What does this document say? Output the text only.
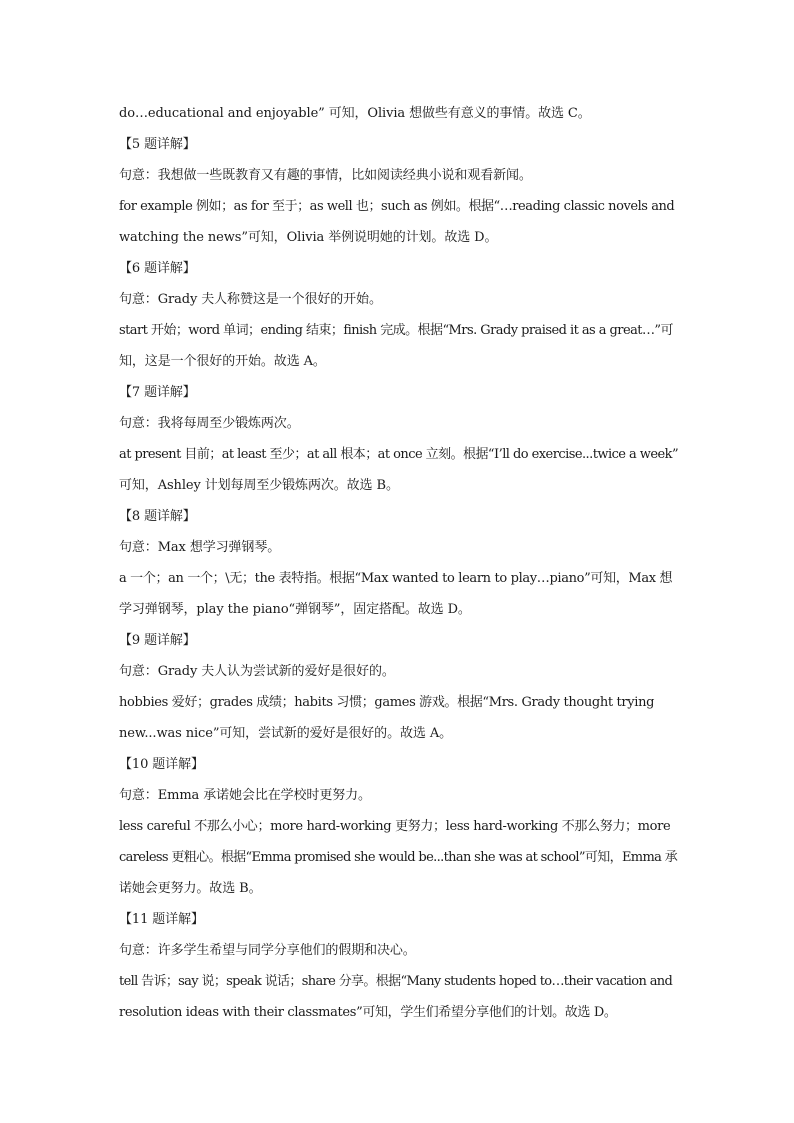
do…educational and enjoyable” 可知，Olivia 想做些有意义的事情。故选 C。
【5 题详解】
句意：我想做一些既教育又有趣的事情，比如阅读经典小说和观看新闻。
for example 例如；as for 至于；as well 也；such as 例如。根据“…reading classic novels and
watching the news”可知，Olivia 举例说明她的计划。故选 D。
【6 题详解】
句意：Grady 夫人称赞这是一个很好的开始。
start 开始；word 单词；ending 结束；finish 完成。根据“Mrs. Grady praised it as a great…”可
知，这是一个很好的开始。故选 A。
【7 题详解】
句意：我将每周至少锻炼两次。
at present 目前；at least 至少；at all 根本；at once 立刻。根据“I’ll do exercise...twice a week”
可知，Ashley 计划每周至少锻炼两次。故选 B。
【8 题详解】
句意：Max 想学习弹钢琴。
a 一个；an 一个；\无；the 表特指。根据“Max wanted to learn to play…piano”可知，Max 想
学习弹钢琴，play the piano“弹钢琴”，固定搭配。故选 D。
【9 题详解】
句意：Grady 夫人认为尝试新的爱好是很好的。
hobbies 爱好；grades 成绩；habits 习惯；games 游戏。根据“Mrs. Grady thought trying
new...was nice”可知，尝试新的爱好是很好的。故选 A。
【10 题详解】
句意：Emma 承诺她会比在学校时更努力。
less careful 不那么小心；more hard-working 更努力；less hard-working 不那么努力；more
careless 更粗心。根据“Emma promised she would be...than she was at school”可知，Emma 承
诺她会更努力。故选 B。
【11 题详解】
句意：许多学生希望与同学分享他们的假期和决心。
tell 告诉；say 说；speak 说话；share 分享。根据“Many students hoped to…their vacation and
resolution ideas with their classmates”可知，学生们希望分享他们的计划。故选 D。
